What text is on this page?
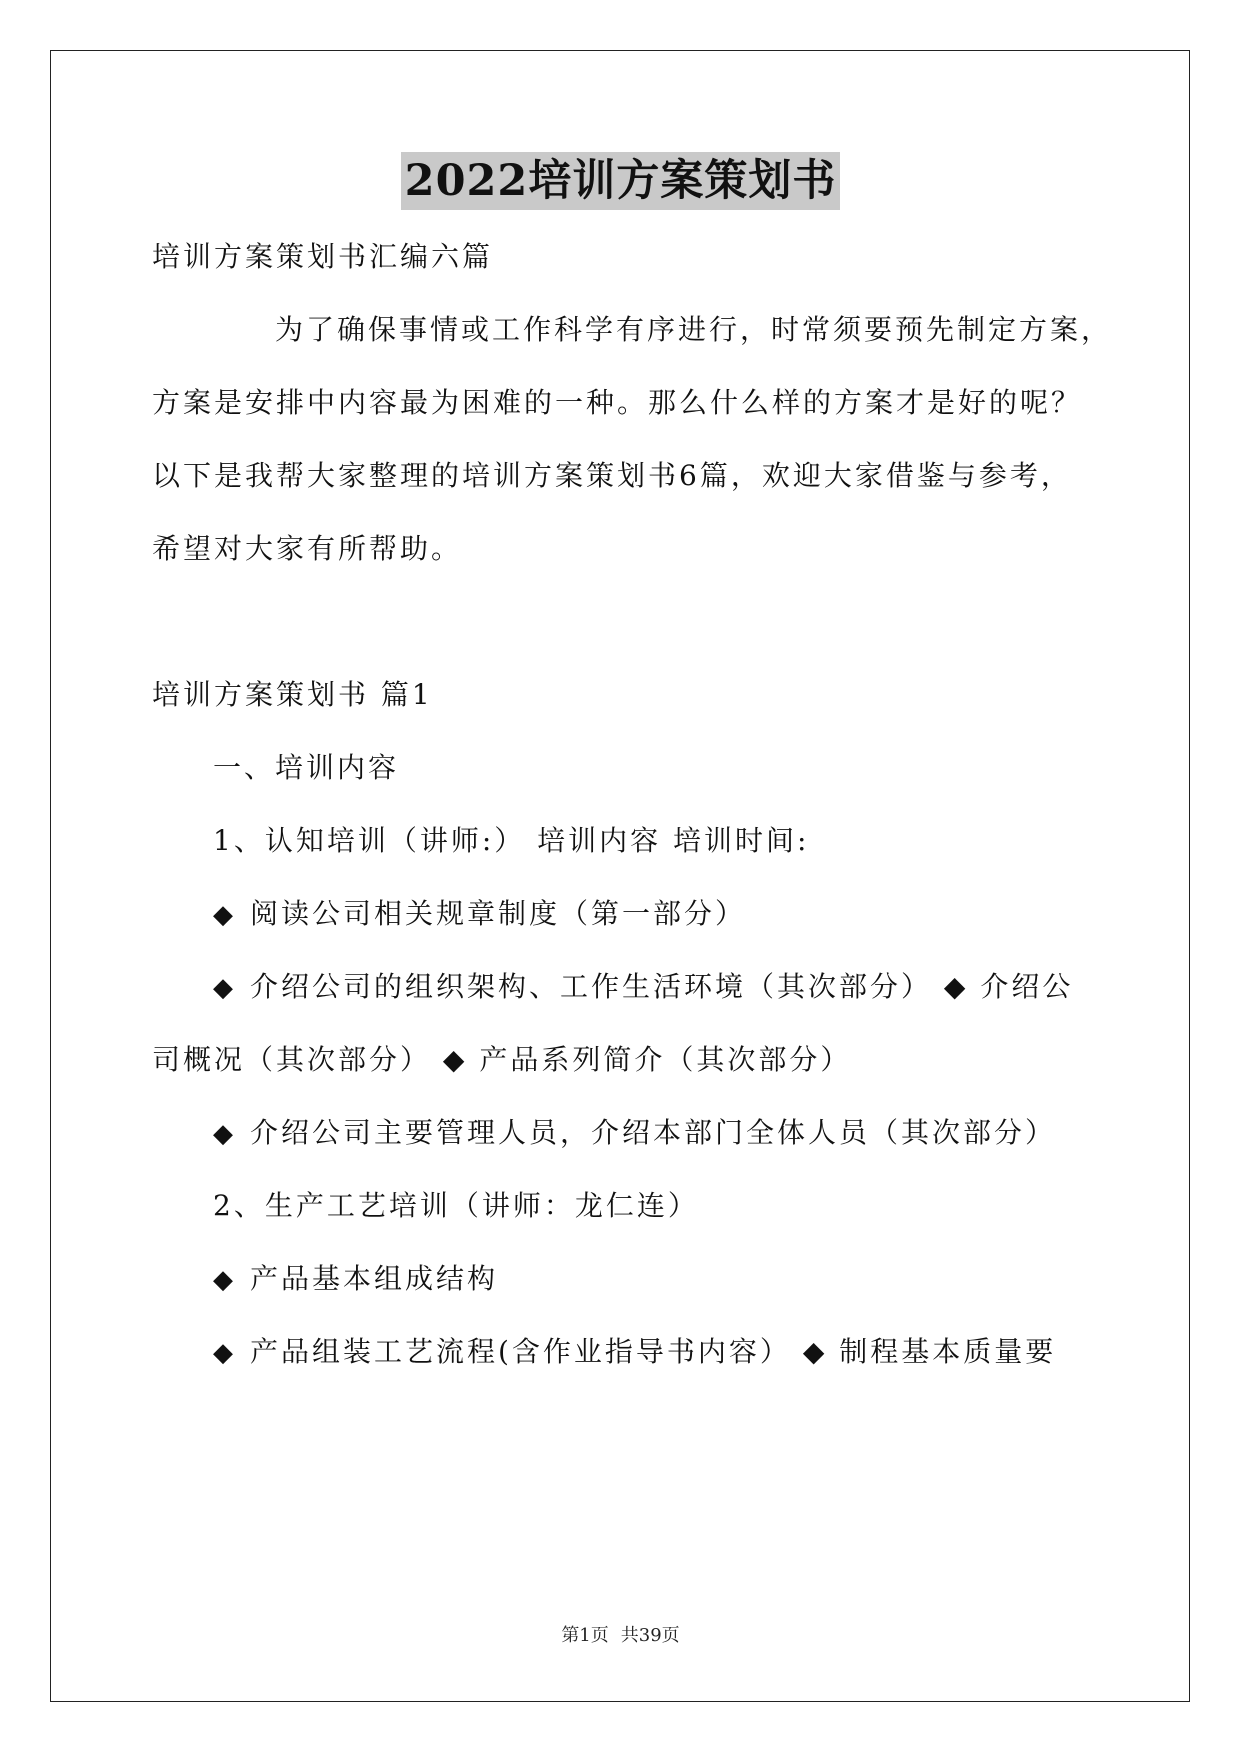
2022培训方案策划书
培训方案策划书汇编六篇
为了确保事情或工作科学有序进行，时常须要预先制定方案，
方案是安排中内容最为困难的一种。那么什么样的方案才是好的呢？
以下是我帮大家整理的培训方案策划书6篇，欢迎大家借鉴与参考，
希望对大家有所帮助。
培训方案策划书 篇1
一、培训内容
1、认知培训（讲师:） 培训内容 培训时间:
◆ 阅读公司相关规章制度（第一部分）
◆ 介绍公司的组织架构、工作生活环境（其次部分） ◆ 介绍公
司概况（其次部分） ◆ 产品系列简介（其次部分）
◆ 介绍公司主要管理人员，介绍本部门全体人员（其次部分）
2、生产工艺培训（讲师：龙仁连）
◆ 产品基本组成结构
◆ 产品组装工艺流程(含作业指导书内容） ◆ 制程基本质量要
第1页 共39页
